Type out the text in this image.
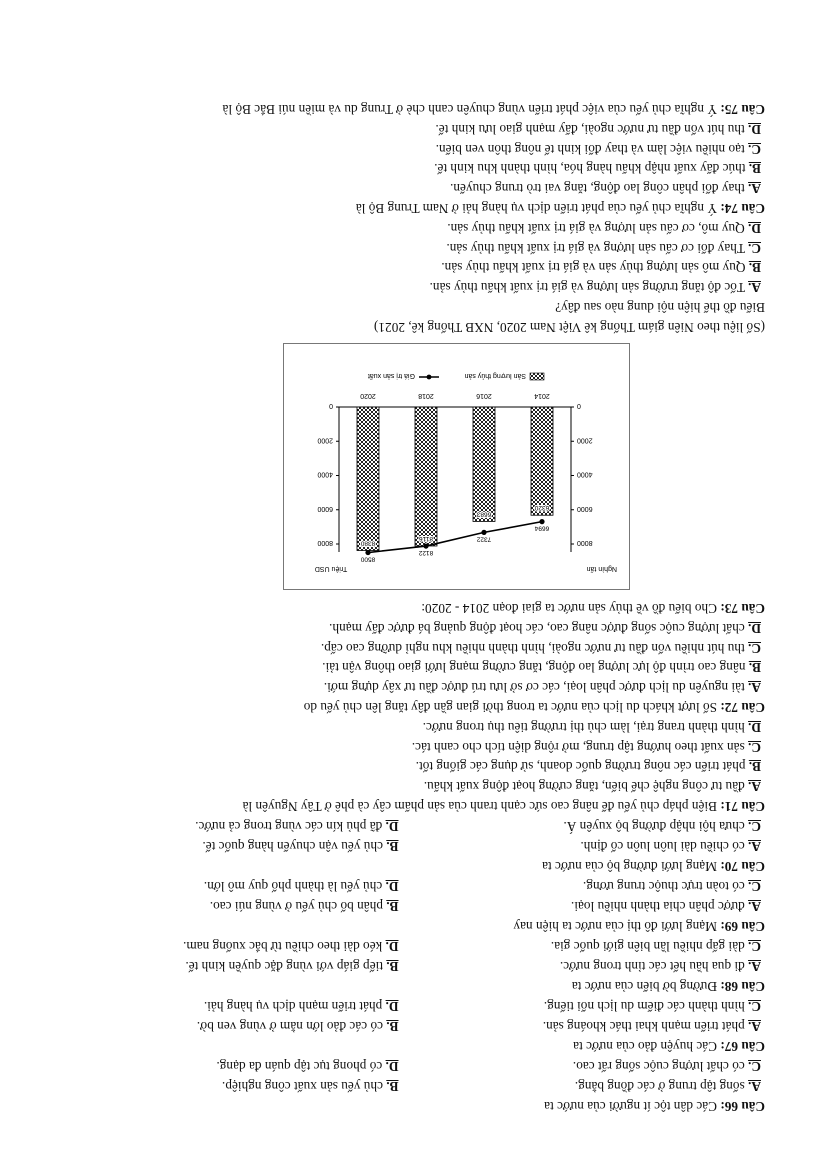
Câu 66: Các dân tộc ít người của nước ta
A. sống tập trung ở các đồng bằng.
B. chủ yếu sản xuất công nghiệp.
C. có chất lượng cuộc sống rất cao.
D. có phong tục tập quán đa dạng.
Câu 67: Các huyện đảo của nước ta
A. phát triển mạnh khai thác khoáng sản.
B. có các đảo lớn nằm ở vùng ven bờ.
C. hình thành các điểm du lịch nổi tiếng.
D. phát triển mạnh dịch vụ hàng hải.
Câu 68: Đường bờ biển của nước ta
A. đi qua hầu hết các tỉnh trong nước.
B. tiếp giáp với vùng đặc quyền kinh tế.
C. dài gấp nhiều lần biên giới quốc gia.
D. kéo dài theo chiều từ bắc xuống nam.
Câu 69: Mạng lưới đô thị của nước ta hiện nay
A. được phân chia thành nhiều loại.
B. phân bố chủ yếu ở vùng núi cao.
C. có toàn trực thuộc trung ương.
D. chủ yếu là thành phố quy mô lớn.
Câu 70: Mạng lưới đường bộ của nước ta
A. có chiều dài luôn luôn cố định.
B. chủ yếu vận chuyển hàng quốc tế.
C. chưa hội nhập đường bộ xuyên Á.
D. đã phủ kín các vùng trong cả nước.
Câu 71: Biện pháp chủ yếu để nâng cao sức cạnh tranh của sản phẩm cây cà phê ở Tây Nguyên là
A. đầu tư công nghệ chế biến, tăng cường hoạt động xuất khẩu.
B. phát triển các nông trường quốc doanh, sử dụng các giống tốt.
C. sản xuất theo hướng tập trung, mở rộng diện tích cho canh tác.
D. hình thành trang trại, làm chủ thị trường tiêu thụ trong nước.
Câu 72: Số lượt khách du lịch của nước ta trong thời gian gần đây tăng lên chủ yếu do
A. tài nguyên du lịch được phân loại, các cơ sở lưu trú được đầu tư xây dựng mới.
B. nâng cao trình độ lực lượng lao động, tăng cường mạng lưới giao thông vận tải.
C. thu hút nhiều vốn đầu tư nước ngoài, hình thành nhiều khu nghỉ dưỡng cao cấp.
D. chất lượng cuộc sống được nâng cao, các hoạt động quảng bá được đẩy mạnh.
Câu 73: Cho biểu đồ về thủy sản nước ta giai đoạn 2014 - 2020:
Nghìn tấn
Triệu USD
0
0
2000
2000
4000
4000
6000
6000
8000
8000
6320
2014
6683
2016
8116
2018
8380
2020
6694
7322
8122
8500
Sản lượng thủy sản
Giá trị sản xuất
(Số liệu theo Niên giám Thống kê Việt Nam 2020, NXB Thống kê, 2021)
Biểu đồ thể hiện nội dung nào sau đây?
A. Tốc độ tăng trưởng sản lượng và giá trị xuất khẩu thủy sản.
B. Quy mô sản lượng thủy sản và giá trị xuất khẩu thủy sản.
C. Thay đổi cơ cấu sản lượng và giá trị xuất khẩu thủy sản.
D. Quy mô, cơ cấu sản lượng và giá trị xuất khẩu thủy sản.
Câu 74: Ý nghĩa chủ yếu của phát triển dịch vụ hàng hải ở Nam Trung Bộ là
A. thay đổi phân công lao động, tăng vai trò trung chuyển.
B. thúc đẩy xuất nhập khẩu hàng hóa, hình thành khu kinh tế.
C. tạo nhiều việc làm và thay đổi kinh tế nông thôn ven biển.
D. thu hút vốn đầu tư nước ngoài, đẩy mạnh giao lưu kinh tế.
Câu 75: Ý nghĩa chủ yếu của việc phát triển vùng chuyên canh chè ở Trung du và miền núi Bắc Bộ là
